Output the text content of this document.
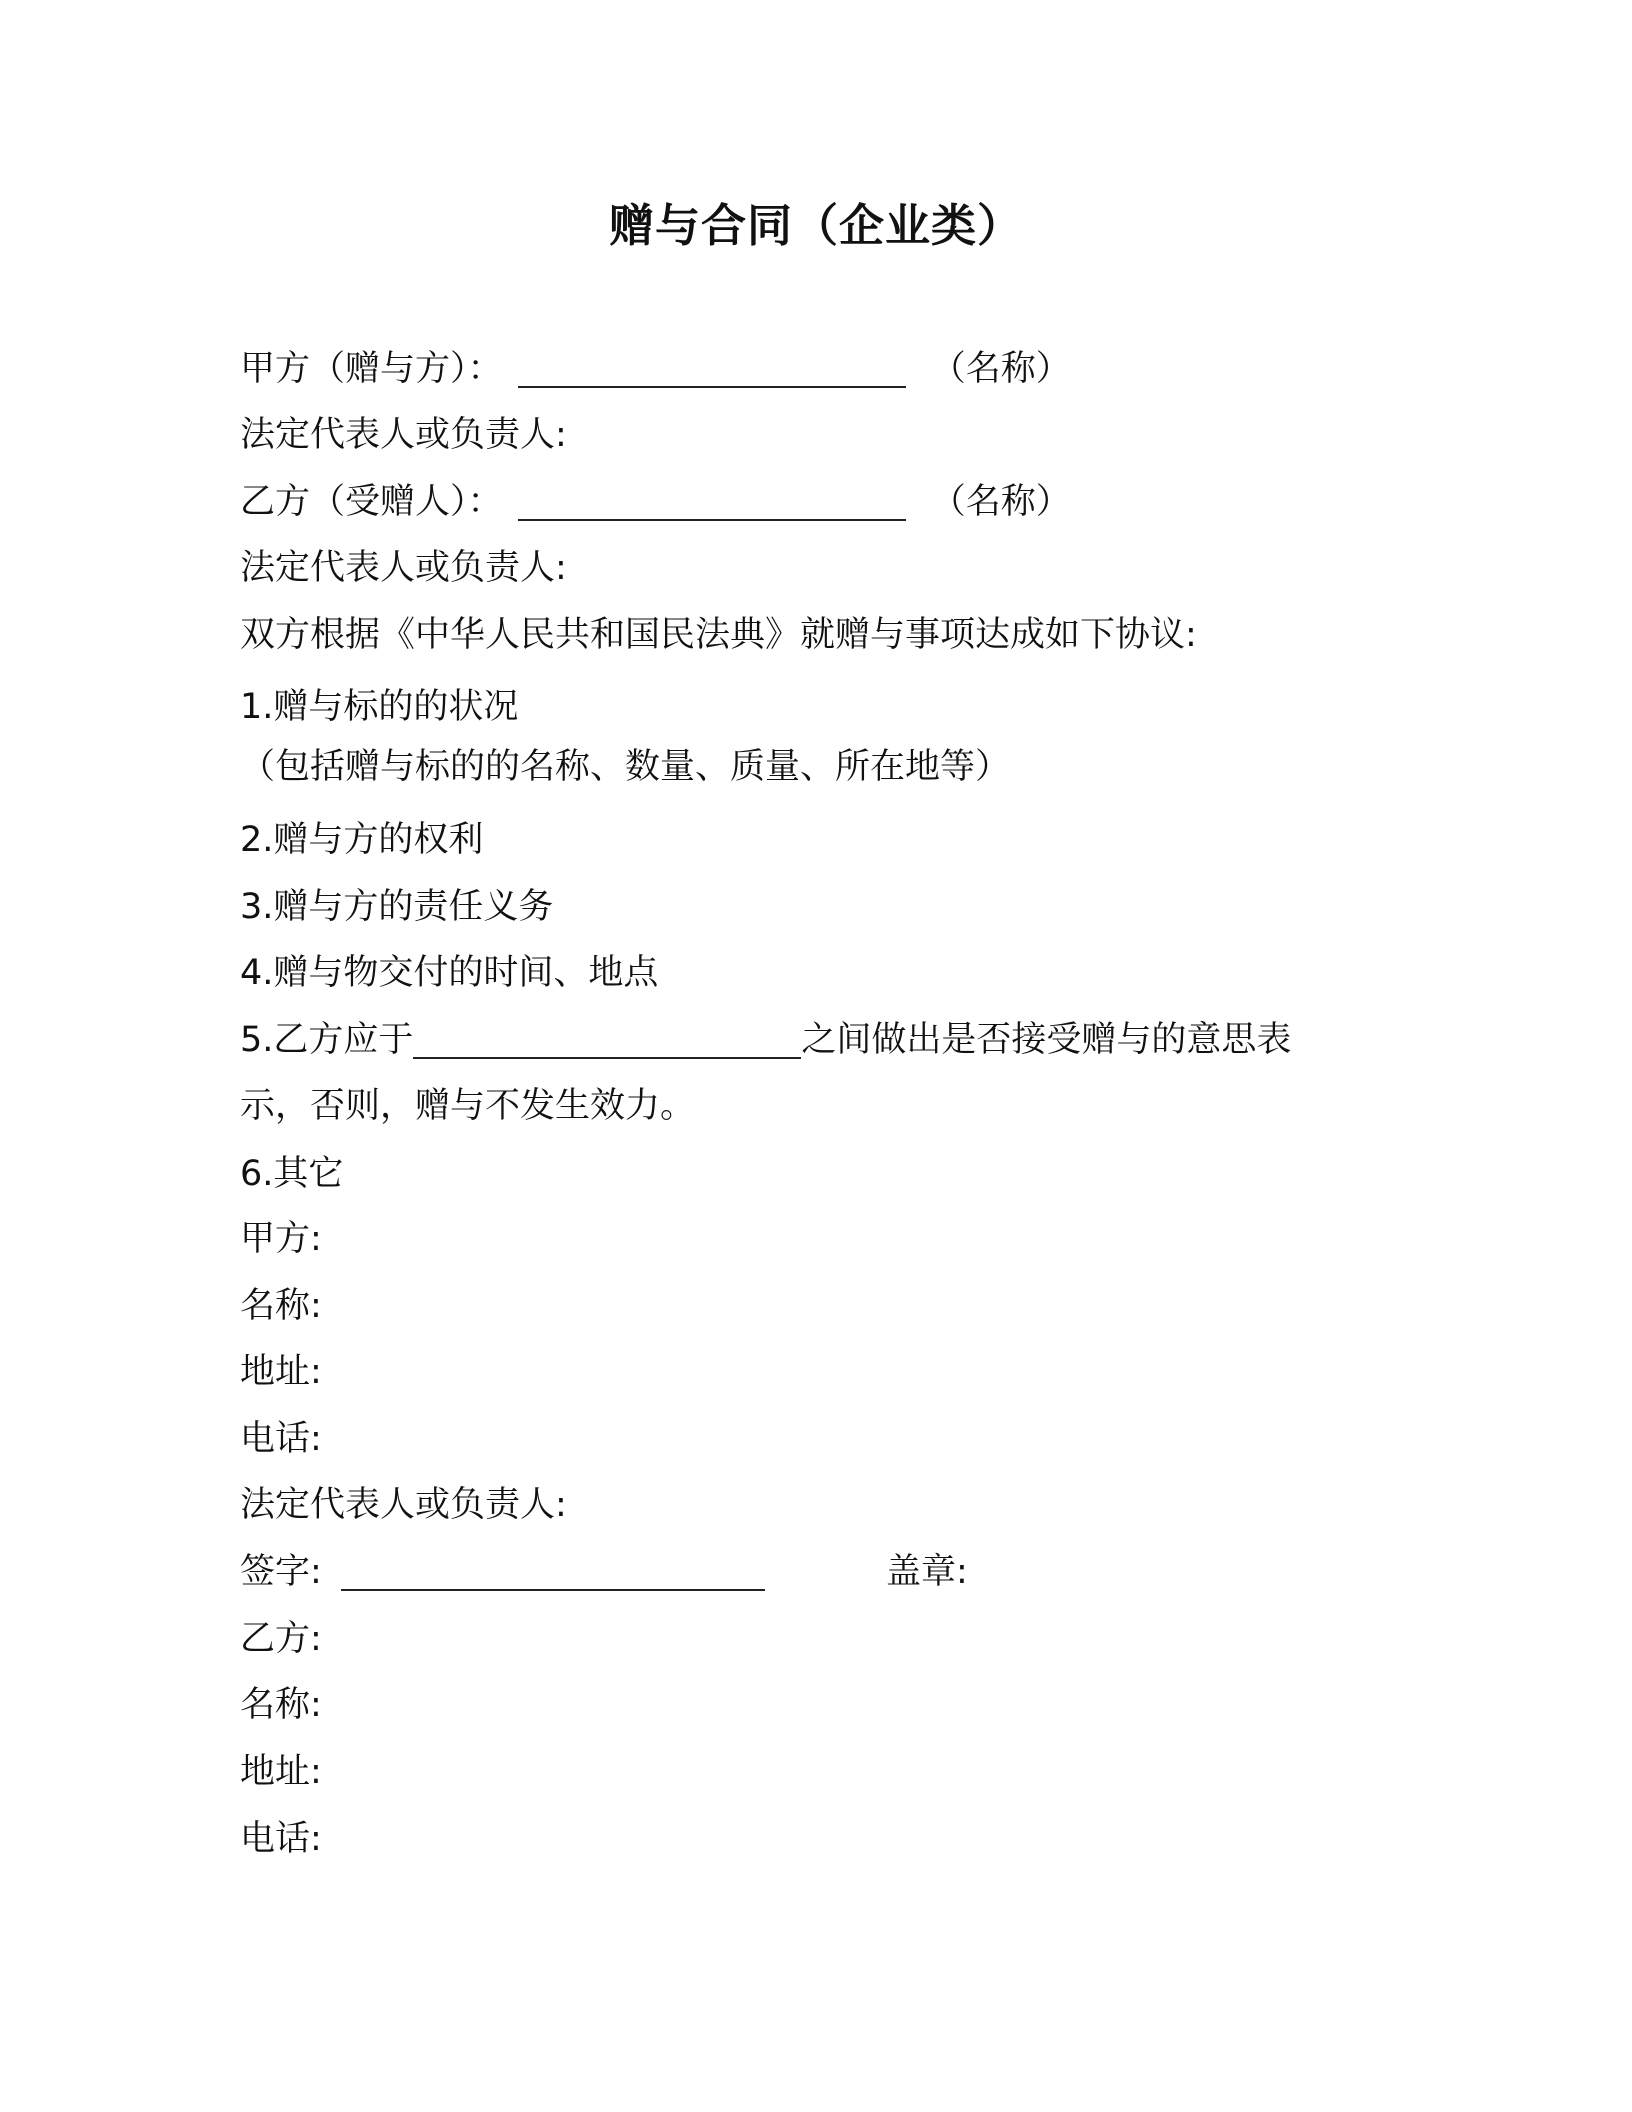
赠与合同（企业类）
甲方（赠与方）：	（名称）
法定代表人或负责人:
乙方（受赠人）：	（名称）
法定代表人或负责人:
双方根据《中华人民共和国民法典》就赠与事项达成如下协议:
1.赠与标的的状况
（包括赠与标的的名称、数量、质量、所在地等）
2.赠与方的权利
3.赠与方的责任义务
4.赠与物交付的时间、地点
5.乙方应于	之间做出是否接受赠与的意思表
示，否则，赠与不发生效力。
6.其它
甲方:
名称:
地址:
电话:
法定代表人或负责人:
签字:	盖章:
乙方:
名称:
地址:
电话:
